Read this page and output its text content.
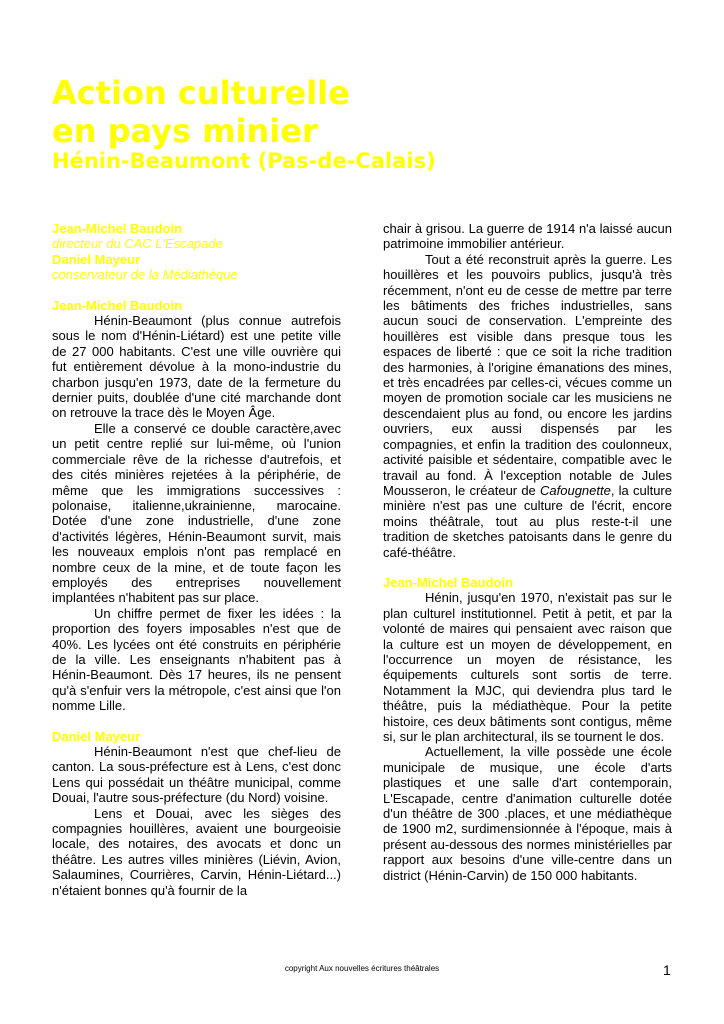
Action culturelle
en pays minier
Hénin-Beaumont (Pas-de-Calais)

Jean-Michel Baudoin

directeur du CAC L'Escapade

Daniel Mayeur

conservateur de la Médiathèque

Jean-Michel Baudoin

Hénin-Beaumont (plus connue autrefois sous le nom d'Hénin-Liétard) est une petite ville de 27 000 habitants. C'est une ville ouvrière qui fut entièrement dévolue à la mono-industrie du charbon jusqu'en 1973, date de la fermeture du dernier puits, doublée d'une cité marchande dont on retrouve la trace dès le Moyen Âge.

Elle a conservé ce double caractère,avec un petit centre replié sur lui-même, où l'union commerciale rêve de la richesse d'autrefois, et des cités minières rejetées à la périphérie, de même que les immigrations successives : polonaise, italienne,ukrainienne, marocaine. Dotée d'une zone industrielle, d'une zone d'activités légères, Hénin-Beaumont survit, mais les nouveaux emplois n'ont pas remplacé en nombre ceux de la mine, et de toute façon les employés des entreprises nouvellement implantées n'habitent pas sur place.

Un chiffre permet de fixer les idées : la proportion des foyers imposables n'est que de 40%. Les lycées ont été construits en périphérie de la ville. Les enseignants n'habitent pas à Hénin-Beaumont. Dès 17 heures, ils ne pensent qu'à s'enfuir vers la métropole, c'est ainsi que l'on nomme Lille.

Daniel Mayeur

Hénin-Beaumont n'est que chef-lieu de canton. La sous-préfecture est à Lens, c'est donc Lens qui possédait un théâtre municipal, comme Douai, l'autre sous-préfecture (du Nord) voisine.

Lens et Douai, avec les sièges des compagnies houillères, avaient une bourgeoisie locale, des notaires, des avocats et donc un théâtre. Les autres villes minières (Liévin, Avion, Salaumines, Courrières, Carvin, Hénin-Liétard...) n'étaient bonnes qu'à fournir de la

chair à grisou. La guerre de 1914 n'a laissé aucun patrimoine immobilier antérieur.

Tout a été reconstruit après la guerre. Les houillères et les pouvoirs publics, jusqu'à très récemment, n'ont eu de cesse de mettre par terre les bâtiments des friches industrielles, sans aucun souci de conservation. L'empreinte des houillères est visible dans presque tous les espaces de liberté : que ce soit la riche tradition des harmonies, à l'origine émanations des mines, et très encadrées par celles-ci, vécues comme un moyen de promotion sociale car les musiciens ne descendaient plus au fond, ou encore les jardins ouvriers, eux aussi dispensés par les compagnies, et enfin la tradition des coulonneux, activité paisible et sédentaire, compatible avec le travail au fond. À l'exception notable de Jules Mousseron, le créateur de Cafougnette, la culture minière n'est pas une culture de l'écrit, encore moins théâtrale, tout au plus reste-t-il une tradition de sketches patoisants dans le genre du café-théâtre.

Jean-Michel Baudoin

Hénin, jusqu'en 1970, n'existait pas sur le plan culturel institutionnel. Petit à petit, et par la volonté de maires qui pensaient avec raison que la culture est un moyen de développement, en l'occurrence un moyen de résistance, les équipements culturels sont sortis de terre. Notamment la MJC, qui deviendra plus tard le théâtre, puis la médiathèque. Pour la petite histoire, ces deux bâtiments sont contigus, même si, sur le plan architectural, ils se tournent le dos.

Actuellement, la ville possède une école municipale de musique, une école d'arts plastiques et une salle d'art contemporain, L'Escapade, centre d'animation culturelle dotée d'un théâtre de 300 .places, et une médiathèque de 1900 m2, surdimensionnée à l'époque, mais à présent au-dessous des normes ministérielles par rapport aux besoins d'une ville-centre dans un district (Hénin-Carvin) de 150 000 habitants.

copyright Aux nouvelles écritures théâtrales	1
